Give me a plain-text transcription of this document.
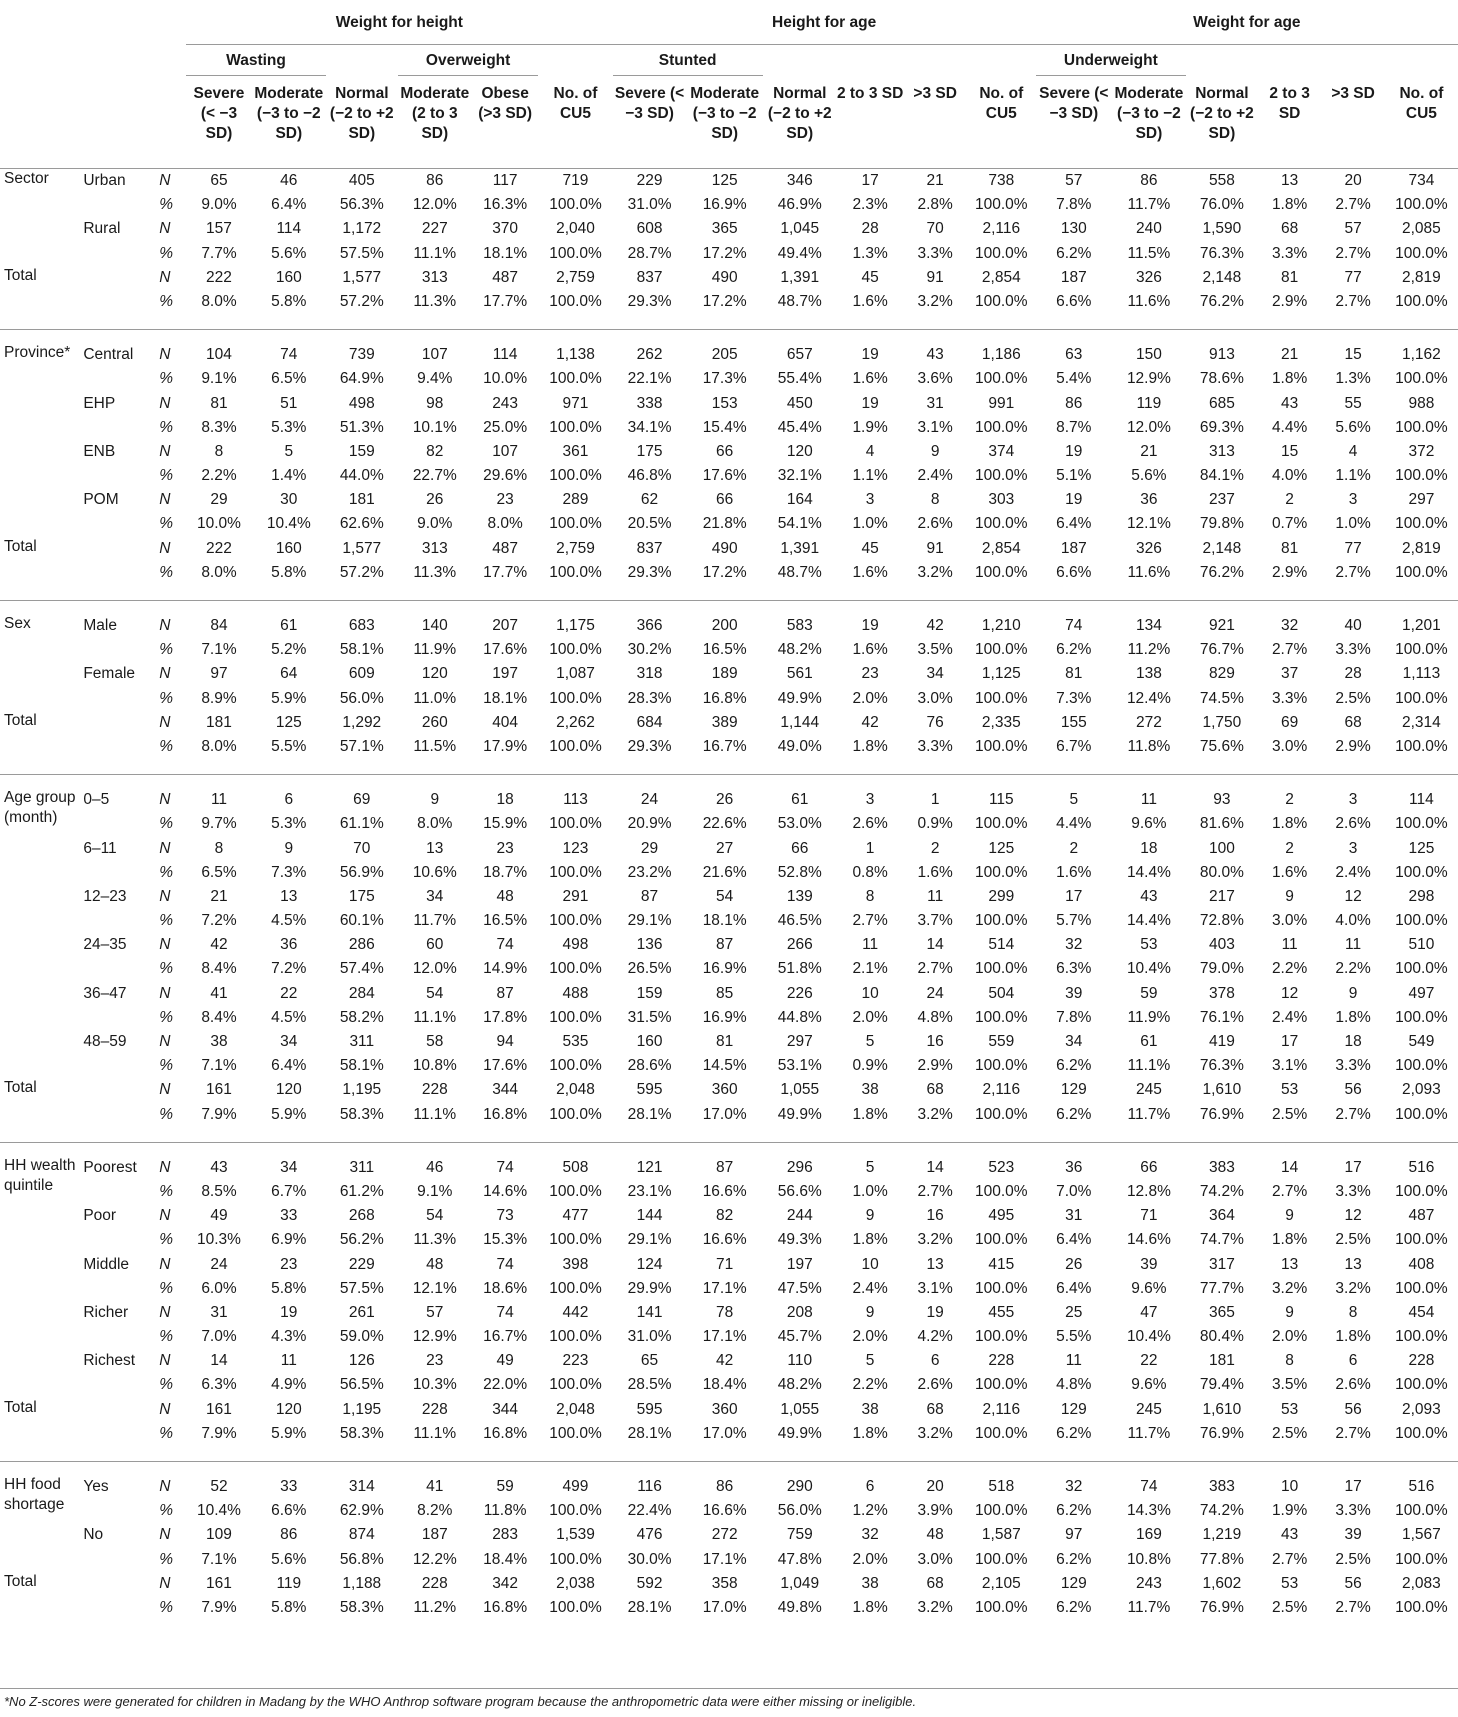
			Weight for height						Height for age						Weight for age					
			Wasting			Overweight			Stunted						Underweight					
			Severe (< −3 SD)	Moderate (−3 to −2 SD)	Normal (−2 to +2 SD)	Moderate (2 to 3 SD)	Obese (>3 SD)	No. of CU5	Severe (< −3 SD)	Moderate (−3 to −2 SD)	Normal (−2 to +2 SD)	2 to 3 SD	>3 SD	No. of CU5	Severe (< −3 SD)	Moderate (−3 to −2 SD)	Normal (−2 to +2 SD)	2 to 3 SD	>3 SD	No. of CU5
Sector	Urban	N	65	46	405	86	117	719	229	125	346	17	21	738	57	86	558	13	20	734
		%	9.0%	6.4%	56.3%	12.0%	16.3%	100.0%	31.0%	16.9%	46.9%	2.3%	2.8%	100.0%	7.8%	11.7%	76.0%	1.8%	2.7%	100.0%
	Rural	N	157	114	1,172	227	370	2,040	608	365	1,045	28	70	2,116	130	240	1,590	68	57	2,085
		%	7.7%	5.6%	57.5%	11.1%	18.1%	100.0%	28.7%	17.2%	49.4%	1.3%	3.3%	100.0%	6.2%	11.5%	76.3%	3.3%	2.7%	100.0%
Total		N	222	160	1,577	313	487	2,759	837	490	1,391	45	91	2,854	187	326	2,148	81	77	2,819
		%	8.0%	5.8%	57.2%	11.3%	17.7%	100.0%	29.3%	17.2%	48.7%	1.6%	3.2%	100.0%	6.6%	11.6%	76.2%	2.9%	2.7%	100.0%

Province*	Central	N	104	74	739	107	114	1,138	262	205	657	19	43	1,186	63	150	913	21	15	1,162
		%	9.1%	6.5%	64.9%	9.4%	10.0%	100.0%	22.1%	17.3%	55.4%	1.6%	3.6%	100.0%	5.4%	12.9%	78.6%	1.8%	1.3%	100.0%
	EHP	N	81	51	498	98	243	971	338	153	450	19	31	991	86	119	685	43	55	988
		%	8.3%	5.3%	51.3%	10.1%	25.0%	100.0%	34.1%	15.4%	45.4%	1.9%	3.1%	100.0%	8.7%	12.0%	69.3%	4.4%	5.6%	100.0%
	ENB	N	8	5	159	82	107	361	175	66	120	4	9	374	19	21	313	15	4	372
		%	2.2%	1.4%	44.0%	22.7%	29.6%	100.0%	46.8%	17.6%	32.1%	1.1%	2.4%	100.0%	5.1%	5.6%	84.1%	4.0%	1.1%	100.0%
	POM	N	29	30	181	26	23	289	62	66	164	3	8	303	19	36	237	2	3	297
		%	10.0%	10.4%	62.6%	9.0%	8.0%	100.0%	20.5%	21.8%	54.1%	1.0%	2.6%	100.0%	6.4%	12.1%	79.8%	0.7%	1.0%	100.0%
Total		N	222	160	1,577	313	487	2,759	837	490	1,391	45	91	2,854	187	326	2,148	81	77	2,819
		%	8.0%	5.8%	57.2%	11.3%	17.7%	100.0%	29.3%	17.2%	48.7%	1.6%	3.2%	100.0%	6.6%	11.6%	76.2%	2.9%	2.7%	100.0%

Sex	Male	N	84	61	683	140	207	1,175	366	200	583	19	42	1,210	74	134	921	32	40	1,201
		%	7.1%	5.2%	58.1%	11.9%	17.6%	100.0%	30.2%	16.5%	48.2%	1.6%	3.5%	100.0%	6.2%	11.2%	76.7%	2.7%	3.3%	100.0%
	Female	N	97	64	609	120	197	1,087	318	189	561	23	34	1,125	81	138	829	37	28	1,113
		%	8.9%	5.9%	56.0%	11.0%	18.1%	100.0%	28.3%	16.8%	49.9%	2.0%	3.0%	100.0%	7.3%	12.4%	74.5%	3.3%	2.5%	100.0%
Total		N	181	125	1,292	260	404	2,262	684	389	1,144	42	76	2,335	155	272	1,750	69	68	2,314
		%	8.0%	5.5%	57.1%	11.5%	17.9%	100.0%	29.3%	16.7%	49.0%	1.8%	3.3%	100.0%	6.7%	11.8%	75.6%	3.0%	2.9%	100.0%

Age group (month)	0–5	N	11	6	69	9	18	113	24	26	61	3	1	115	5	11	93	2	3	114
		%	9.7%	5.3%	61.1%	8.0%	15.9%	100.0%	20.9%	22.6%	53.0%	2.6%	0.9%	100.0%	4.4%	9.6%	81.6%	1.8%	2.6%	100.0%
	6–11	N	8	9	70	13	23	123	29	27	66	1	2	125	2	18	100	2	3	125
		%	6.5%	7.3%	56.9%	10.6%	18.7%	100.0%	23.2%	21.6%	52.8%	0.8%	1.6%	100.0%	1.6%	14.4%	80.0%	1.6%	2.4%	100.0%
	12–23	N	21	13	175	34	48	291	87	54	139	8	11	299	17	43	217	9	12	298
		%	7.2%	4.5%	60.1%	11.7%	16.5%	100.0%	29.1%	18.1%	46.5%	2.7%	3.7%	100.0%	5.7%	14.4%	72.8%	3.0%	4.0%	100.0%
	24–35	N	42	36	286	60	74	498	136	87	266	11	14	514	32	53	403	11	11	510
		%	8.4%	7.2%	57.4%	12.0%	14.9%	100.0%	26.5%	16.9%	51.8%	2.1%	2.7%	100.0%	6.3%	10.4%	79.0%	2.2%	2.2%	100.0%
	36–47	N	41	22	284	54	87	488	159	85	226	10	24	504	39	59	378	12	9	497
		%	8.4%	4.5%	58.2%	11.1%	17.8%	100.0%	31.5%	16.9%	44.8%	2.0%	4.8%	100.0%	7.8%	11.9%	76.1%	2.4%	1.8%	100.0%
	48–59	N	38	34	311	58	94	535	160	81	297	5	16	559	34	61	419	17	18	549
		%	7.1%	6.4%	58.1%	10.8%	17.6%	100.0%	28.6%	14.5%	53.1%	0.9%	2.9%	100.0%	6.2%	11.1%	76.3%	3.1%	3.3%	100.0%
Total		N	161	120	1,195	228	344	2,048	595	360	1,055	38	68	2,116	129	245	1,610	53	56	2,093
		%	7.9%	5.9%	58.3%	11.1%	16.8%	100.0%	28.1%	17.0%	49.9%	1.8%	3.2%	100.0%	6.2%	11.7%	76.9%	2.5%	2.7%	100.0%

HH wealth quintile	Poorest	N	43	34	311	46	74	508	121	87	296	5	14	523	36	66	383	14	17	516
		%	8.5%	6.7%	61.2%	9.1%	14.6%	100.0%	23.1%	16.6%	56.6%	1.0%	2.7%	100.0%	7.0%	12.8%	74.2%	2.7%	3.3%	100.0%
	Poor	N	49	33	268	54	73	477	144	82	244	9	16	495	31	71	364	9	12	487
		%	10.3%	6.9%	56.2%	11.3%	15.3%	100.0%	29.1%	16.6%	49.3%	1.8%	3.2%	100.0%	6.4%	14.6%	74.7%	1.8%	2.5%	100.0%
	Middle	N	24	23	229	48	74	398	124	71	197	10	13	415	26	39	317	13	13	408
		%	6.0%	5.8%	57.5%	12.1%	18.6%	100.0%	29.9%	17.1%	47.5%	2.4%	3.1%	100.0%	6.4%	9.6%	77.7%	3.2%	3.2%	100.0%
	Richer	N	31	19	261	57	74	442	141	78	208	9	19	455	25	47	365	9	8	454
		%	7.0%	4.3%	59.0%	12.9%	16.7%	100.0%	31.0%	17.1%	45.7%	2.0%	4.2%	100.0%	5.5%	10.4%	80.4%	2.0%	1.8%	100.0%
	Richest	N	14	11	126	23	49	223	65	42	110	5	6	228	11	22	181	8	6	228
		%	6.3%	4.9%	56.5%	10.3%	22.0%	100.0%	28.5%	18.4%	48.2%	2.2%	2.6%	100.0%	4.8%	9.6%	79.4%	3.5%	2.6%	100.0%
Total		N	161	120	1,195	228	344	2,048	595	360	1,055	38	68	2,116	129	245	1,610	53	56	2,093
		%	7.9%	5.9%	58.3%	11.1%	16.8%	100.0%	28.1%	17.0%	49.9%	1.8%	3.2%	100.0%	6.2%	11.7%	76.9%	2.5%	2.7%	100.0%

HH food shortage	Yes	N	52	33	314	41	59	499	116	86	290	6	20	518	32	74	383	10	17	516
		%	10.4%	6.6%	62.9%	8.2%	11.8%	100.0%	22.4%	16.6%	56.0%	1.2%	3.9%	100.0%	6.2%	14.3%	74.2%	1.9%	3.3%	100.0%
	No	N	109	86	874	187	283	1,539	476	272	759	32	48	1,587	97	169	1,219	43	39	1,567
		%	7.1%	5.6%	56.8%	12.2%	18.4%	100.0%	30.0%	17.1%	47.8%	2.0%	3.0%	100.0%	6.2%	10.8%	77.8%	2.7%	2.5%	100.0%
Total		N	161	119	1,188	228	342	2,038	592	358	1,049	38	68	2,105	129	243	1,602	53	56	2,083
		%	7.9%	5.8%	58.3%	11.2%	16.8%	100.0%	28.1%	17.0%	49.8%	1.8%	3.2%	100.0%	6.2%	11.7%	76.9%	2.5%	2.7%	100.0%
*No Z-scores were generated for children in Madang by the WHO Anthrop software program because the anthropometric data were either missing or ineligible.
